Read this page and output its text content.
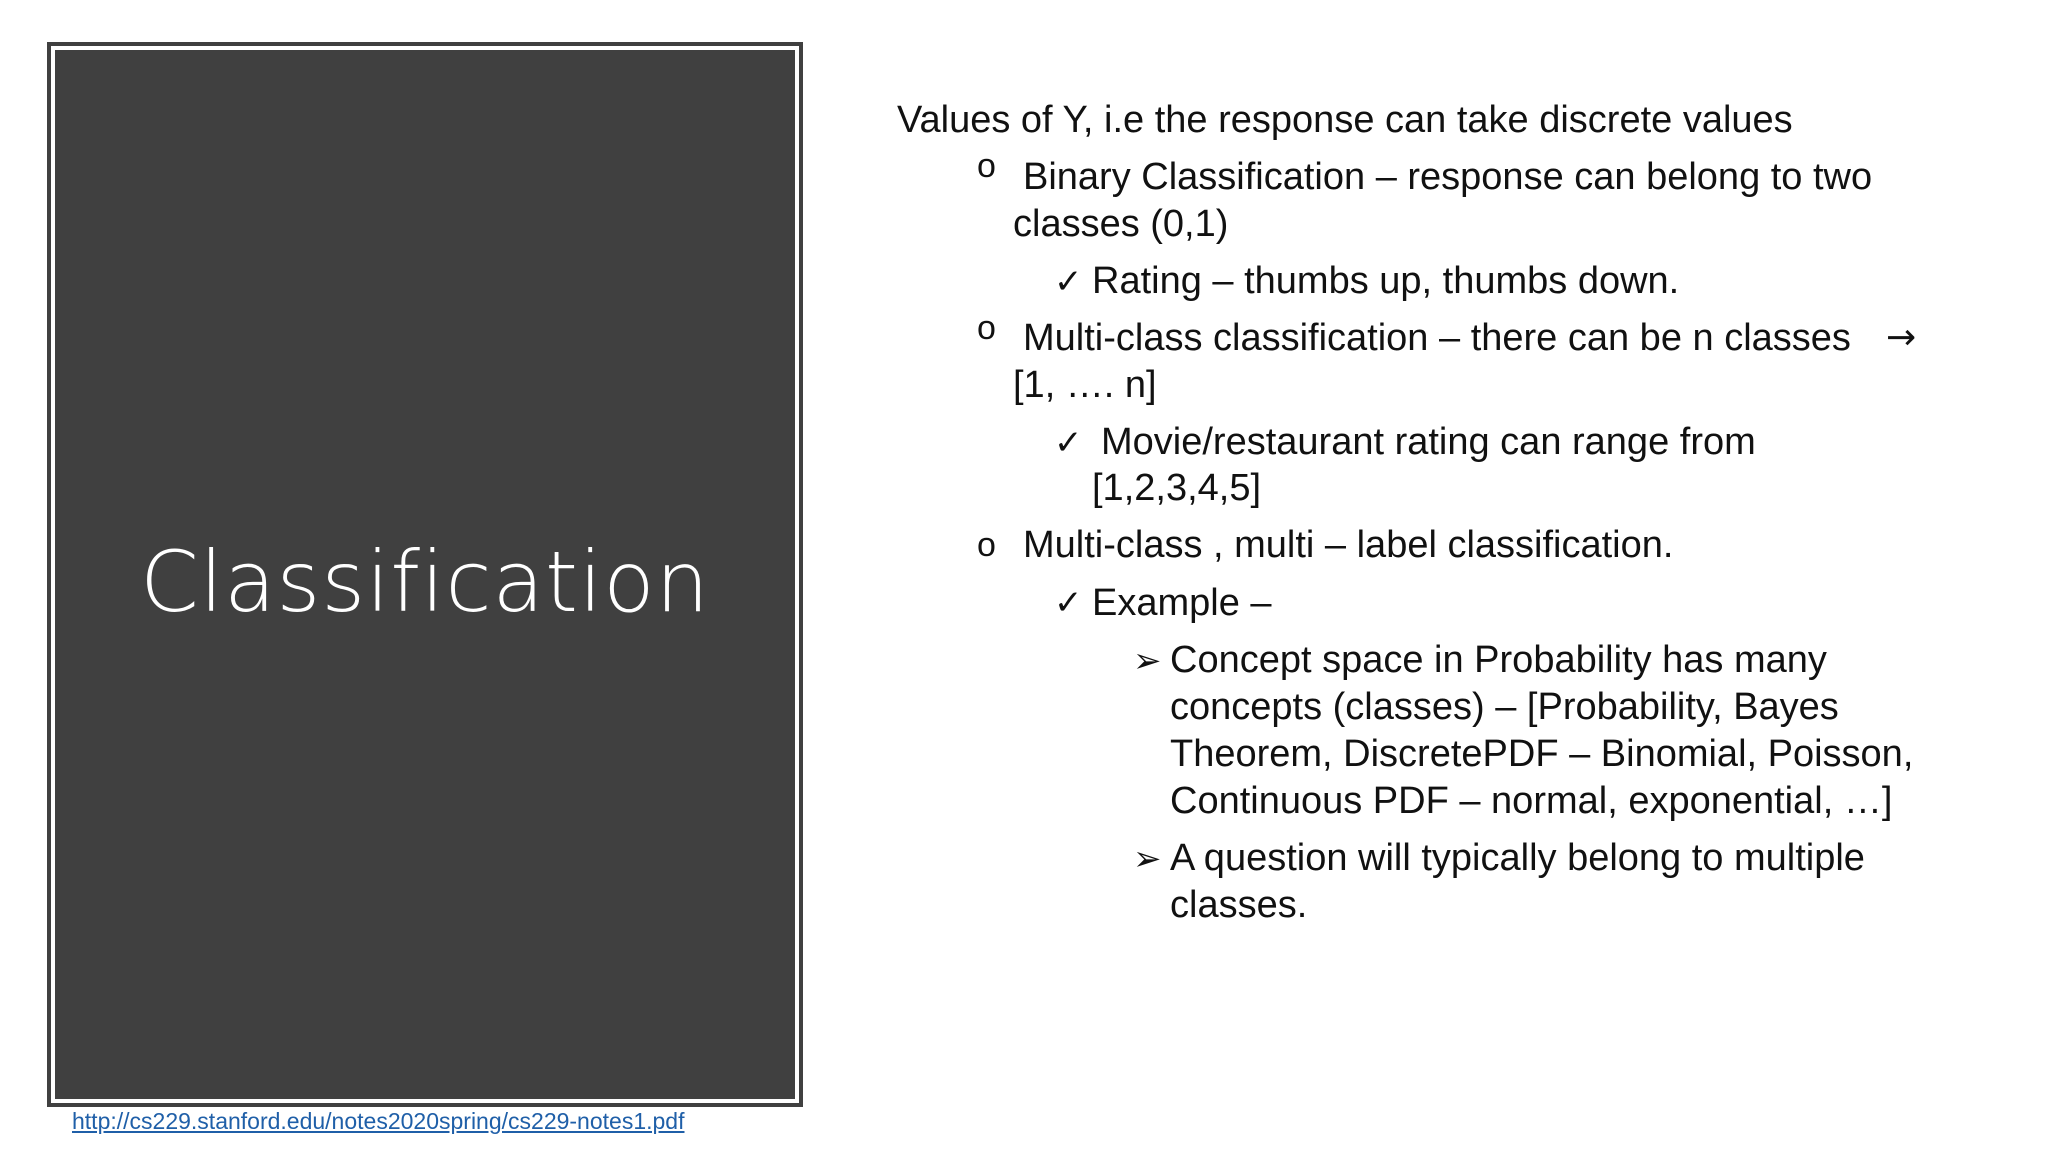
Classification
http://cs229.stanford.edu/notes2020spring/cs229-notes1.pdf
Values of Y, i.e the response can take discrete values
o Binary Classification – response can belong to two
classes (0,1)
✓ Rating – thumbs up, thumbs down.
o Multi-class classification – there can be n classes →
[1, …. n]
✓ Movie/restaurant rating can range from
[1,2,3,4,5]
o Multi-class , multi – label classification.
✓ Example –
➢ Concept space in Probability has many
concepts (classes) – [Probability, Bayes
Theorem, DiscretePDF – Binomial, Poisson,
Continuous PDF – normal, exponential, …]
➢ A question will typically belong to multiple
classes.
